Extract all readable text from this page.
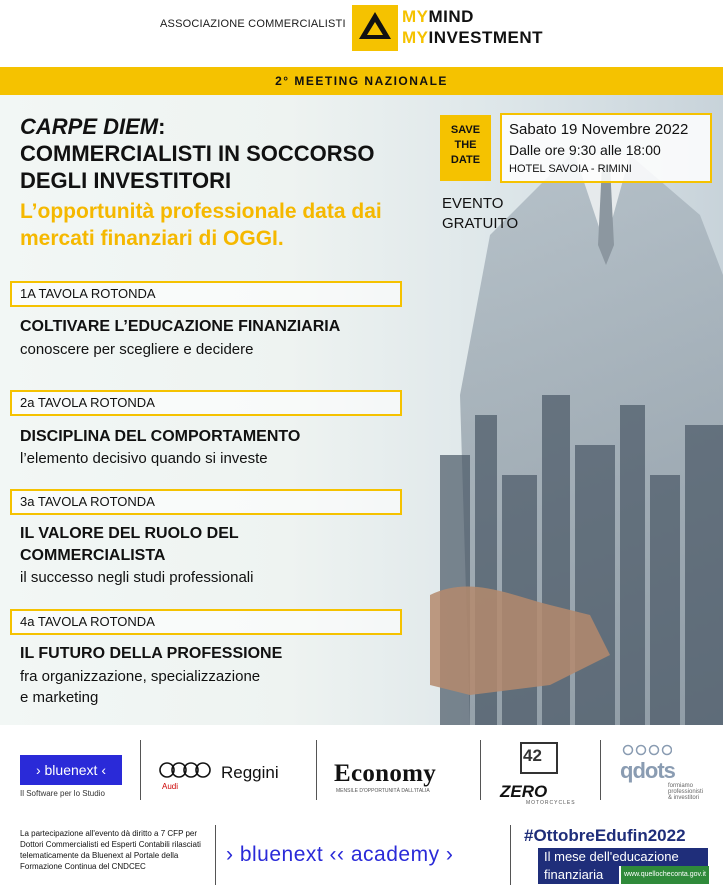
ASSOCIAZIONE COMMERCIALISTI	MYMIND
MYINVESTMENT
2° MEETING NAZIONALE
CARPE DIEM:
COMMERCIALISTI IN SOCCORSO DEGLI INVESTITORI
L’opportunità professionale data dai mercati finanziari di OGGI.
SAVE
THE
DATE
Sabato 19 Novembre 2022
Dalle ore 9:30 alle 18:00
HOTEL SAVOIA - RIMINI
EVENTO
GRATUITO
1A TAVOLA ROTONDA
COLTIVARE L’EDUCAZIONE FINANZIARIA
conoscere per scegliere e decidere
2a TAVOLA ROTONDA
DISCIPLINA DEL COMPORTAMENTO
l’elemento decisivo quando si investe
3a TAVOLA ROTONDA
IL VALORE DEL RUOLO DEL
COMMERCIALISTA
il successo negli studi professionali
4a TAVOLA ROTONDA
IL FUTURO DELLA PROFESSIONE
fra organizzazione, specializzazione
e marketing
› bluenext ‹
Il Software per lo Studio
Reggini
Audi	Economy
MENSILE D'OPPORTUNITÀ DALL'ITALIA
42
ZERO
MOTORCYCLES
qdots
formiamo professionisti & investitori
La partecipazione all'evento dà diritto a 7 CFP per Dottori Commercialisti ed Esperti Contabili rilasciati telematicamente da Bluenext al Portale della Formazione Continua del CNDCEC
› bluenext ‹‹ academy ›
#OttobreEdufin2022
Il mese dell'educazione
finanziaria	www.quellocheconta.gov.it
